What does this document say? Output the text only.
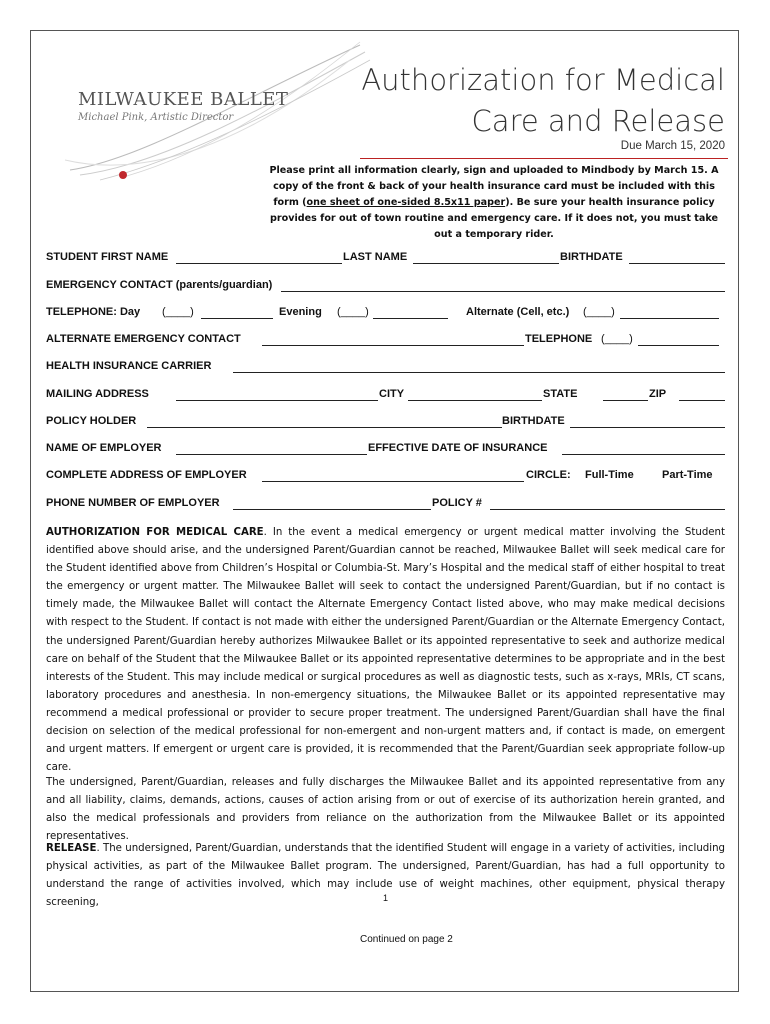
MILWAUKEE BALLET
Michael Pink, Artistic Director
Authorization for Medical
Care and Release
Due March 15, 2020
Please print all information clearly, sign and uploaded to Mindbody by March 15. A copy of the front & back of your health insurance card must be included with this form (one sheet of one-sided 8.5x11 paper). Be sure your health insurance policy provides for out of town routine and emergency care. If it does not, you must take out a temporary rider.
STUDENT FIRST NAME	LAST NAME	BIRTHDATE
EMERGENCY CONTACT (parents/guardian)
TELEPHONE: Day (____)	Evening (____)	Alternate (Cell, etc.) (____)
ALTERNATE EMERGENCY CONTACT	TELEPHONE (____)
HEALTH INSURANCE CARRIER
MAILING ADDRESS	CITY	STATE	ZIP
POLICY HOLDER	BIRTHDATE
NAME OF EMPLOYER	EFFECTIVE DATE OF INSURANCE
COMPLETE ADDRESS OF EMPLOYER	CIRCLE: Full-Time	Part-Time
PHONE NUMBER OF EMPLOYER	POLICY #
AUTHORIZATION FOR MEDICAL CARE. In the event a medical emergency or urgent medical matter involving the Student identified above should arise, and the undersigned Parent/Guardian cannot be reached, Milwaukee Ballet will seek medical care for the Student identified above from Children’s Hospital or Columbia-St. Mary’s Hospital and the medical staff of either hospital to treat the emergency or urgent matter. The Milwaukee Ballet will seek to contact the undersigned Parent/Guardian, but if no contact is timely made, the Milwaukee Ballet will contact the Alternate Emergency Contact listed above, who may make medical decisions with respect to the Student. If contact is not made with either the undersigned Parent/Guardian or the Alternate Emergency Contact, the undersigned Parent/Guardian hereby authorizes Milwaukee Ballet or its appointed representative to seek and authorize medical care on behalf of the Student that the Milwaukee Ballet or its appointed representative determines to be appropriate and in the best interests of the Student. This may include medical or surgical procedures as well as diagnostic tests, such as x-rays, MRIs, CT scans, laboratory procedures and anesthesia. In non-emergency situations, the Milwaukee Ballet or its appointed representative may recommend a medical professional or provider to secure proper treatment. The undersigned Parent/Guardian shall have the final decision on selection of the medical professional for non-emergent and non-urgent matters and, if contact is made, on emergent and urgent matters. If emergent or urgent care is provided, it is recommended that the Parent/Guardian seek appropriate follow-up care.
The undersigned, Parent/Guardian, releases and fully discharges the Milwaukee Ballet and its appointed representative from any and all liability, claims, demands, actions, causes of action arising from or out of exercise of its authorization herein granted, and also the medical professionals and providers from reliance on the authorization from the Milwaukee Ballet or its appointed representatives.
RELEASE. The undersigned, Parent/Guardian, understands that the identified Student will engage in a variety of activities, including physical activities, as part of the Milwaukee Ballet program. The undersigned, Parent/Guardian, has had a full opportunity to understand the range of activities involved, which may include use of weight machines, other equipment, physical therapy screening,	1
Continued on page 2
